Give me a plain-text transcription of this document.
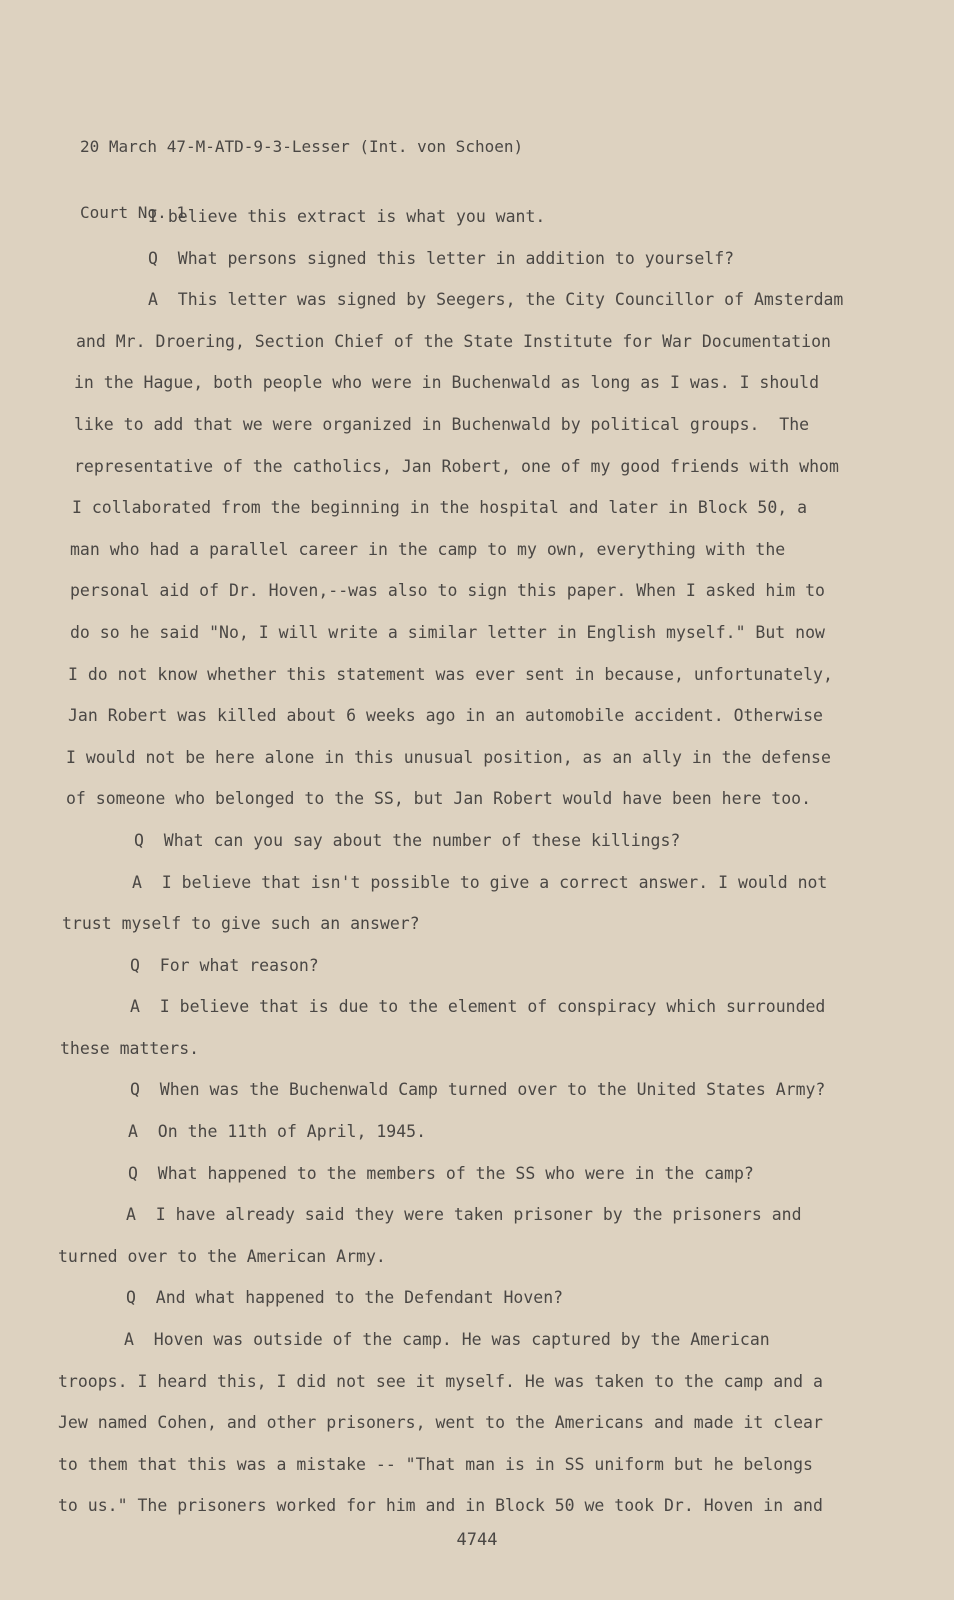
20 March 47-M-ATD-9-3-Lesser (Int. von Schoen)

Court No. 1

I believe this extract is what you want.
Q  What persons signed this letter in addition to yourself?
A  This letter was signed by Seegers, the City Councillor of Amsterdam
and Mr. Droering, Section Chief of the State Institute for War Documentation
in the Hague, both people who were in Buchenwald as long as I was. I should
like to add that we were organized in Buchenwald by political groups.  The
representative of the catholics, Jan Robert, one of my good friends with whom
I collaborated from the beginning in the hospital and later in Block 50, a
man who had a parallel career in the camp to my own, everything with the
personal aid of Dr. Hoven,--was also to sign this paper. When I asked him to
do so he said "No, I will write a similar letter in English myself." But now
I do not know whether this statement was ever sent in because, unfortunately,
Jan Robert was killed about 6 weeks ago in an automobile accident. Otherwise
I would not be here alone in this unusual position, as an ally in the defense
of someone who belonged to the SS, but Jan Robert would have been here too.
Q  What can you say about the number of these killings?
A  I believe that isn't possible to give a correct answer. I would not
trust myself to give such an answer?
Q  For what reason?
A  I believe that is due to the element of conspiracy which surrounded
these matters.
Q  When was the Buchenwald Camp turned over to the United States Army?
A  On the 11th of April, 1945.
Q  What happened to the members of the SS who were in the camp?
A  I have already said they were taken prisoner by the prisoners and
turned over to the American Army.
Q  And what happened to the Defendant Hoven?
A  Hoven was outside of the camp. He was captured by the American
troops. I heard this, I did not see it myself. He was taken to the camp and a
Jew named Cohen, and other prisoners, went to the Americans and made it clear
to them that this was a mistake -- "That man is in SS uniform but he belongs
to us." The prisoners worked for him and in Block 50 we took Dr. Hoven in and
4744
